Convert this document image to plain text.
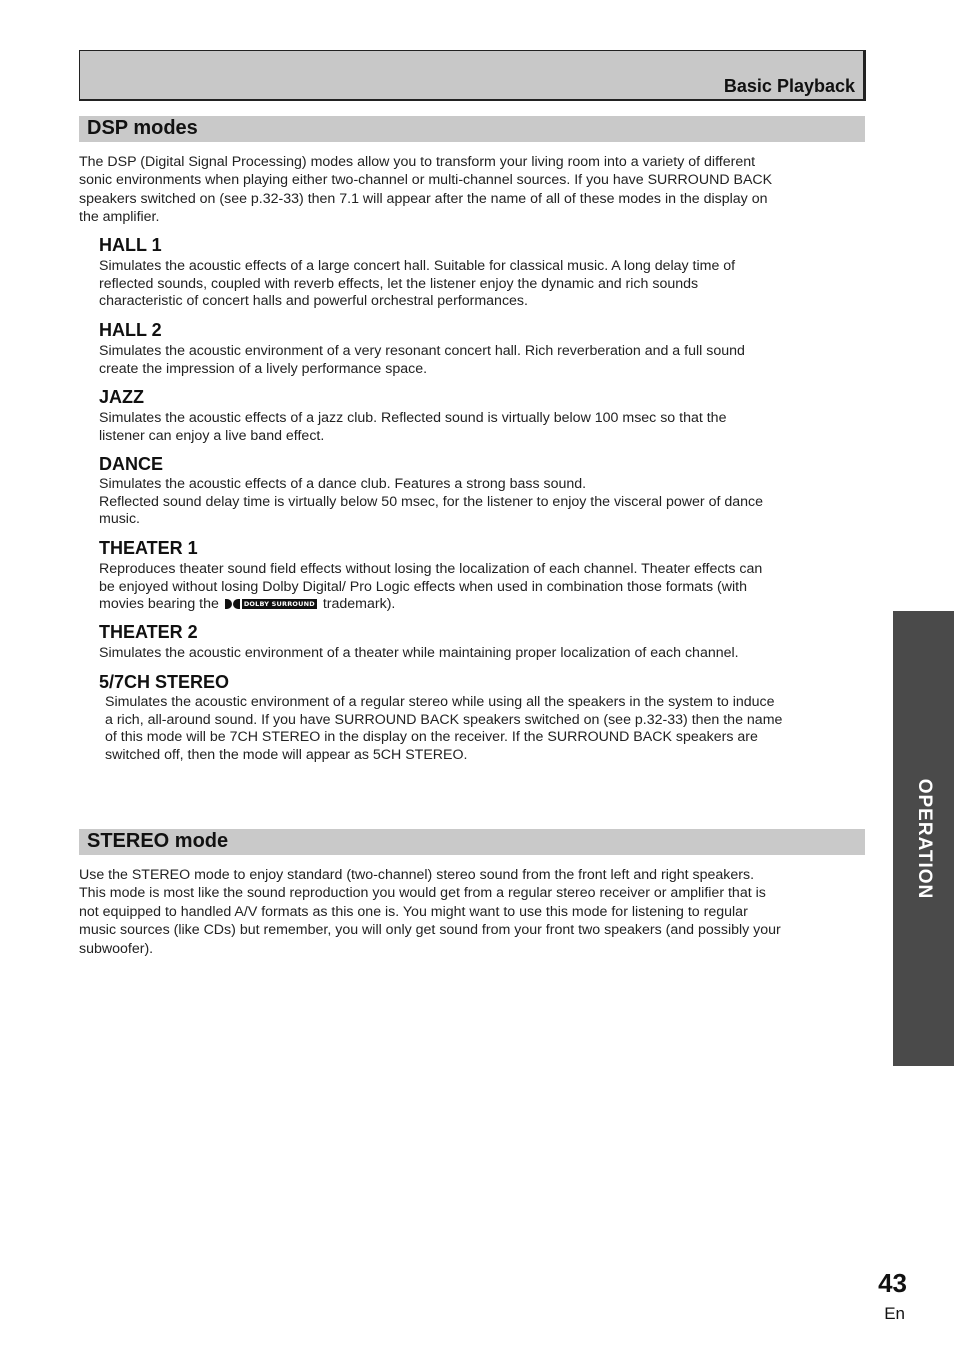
Basic Playback
DSP modes
The DSP (Digital Signal Processing) modes allow you to transform your living room into a variety of different
sonic environments when playing either two-channel or multi-channel sources. If you have SURROUND BACK
speakers switched on (see p.32-33) then 7.1 will appear after the name of all of these modes in the display on
the amplifier.
HALL 1
Simulates the acoustic effects of a large concert hall. Suitable for classical music. A long delay time of
reflected sounds, coupled with reverb effects, let the listener enjoy the dynamic and rich sounds
characteristic of concert halls and powerful orchestral performances.
HALL 2
Simulates the acoustic environment of a very resonant concert hall. Rich reverberation and a full sound
create the impression of a lively performance space.
JAZZ
Simulates the acoustic effects of a jazz club. Reflected sound is virtually below 100 msec so that the
listener can enjoy a live band effect.
DANCE
Simulates the acoustic effects of a dance club. Features a strong bass sound.
Reflected sound delay time is virtually below 50 msec, for the listener to enjoy the visceral power of dance
music.
THEATER 1
Reproduces theater sound field effects without losing the localization of each channel. Theater effects can
be enjoyed without losing Dolby Digital/ Pro Logic effects when used in combination those formats (with
movies bearing the	DOLBY SURROUND trademark).
THEATER 2
Simulates the acoustic environment of a theater while maintaining proper localization of each channel.
5/7CH STEREO
Simulates the acoustic environment of a regular stereo while using all the speakers in the system to induce
a rich, all-around sound. If you have SURROUND BACK speakers switched on (see p.32-33) then the name
of this mode will be 7CH STEREO in the display on the receiver. If the SURROUND BACK speakers are
switched off, then the mode will appear as 5CH STEREO.
STEREO mode
Use the STEREO mode to enjoy standard (two-channel) stereo sound from the front left and right speakers.
This mode is most like the sound reproduction you would get from a regular stereo receiver or amplifier that is
not equipped to handled A/V formats as this one is. You might want to use this mode for listening to regular
music sources (like CDs) but remember, you will only get sound from your front two speakers (and possibly your
subwoofer).
OPERATION
43
En
